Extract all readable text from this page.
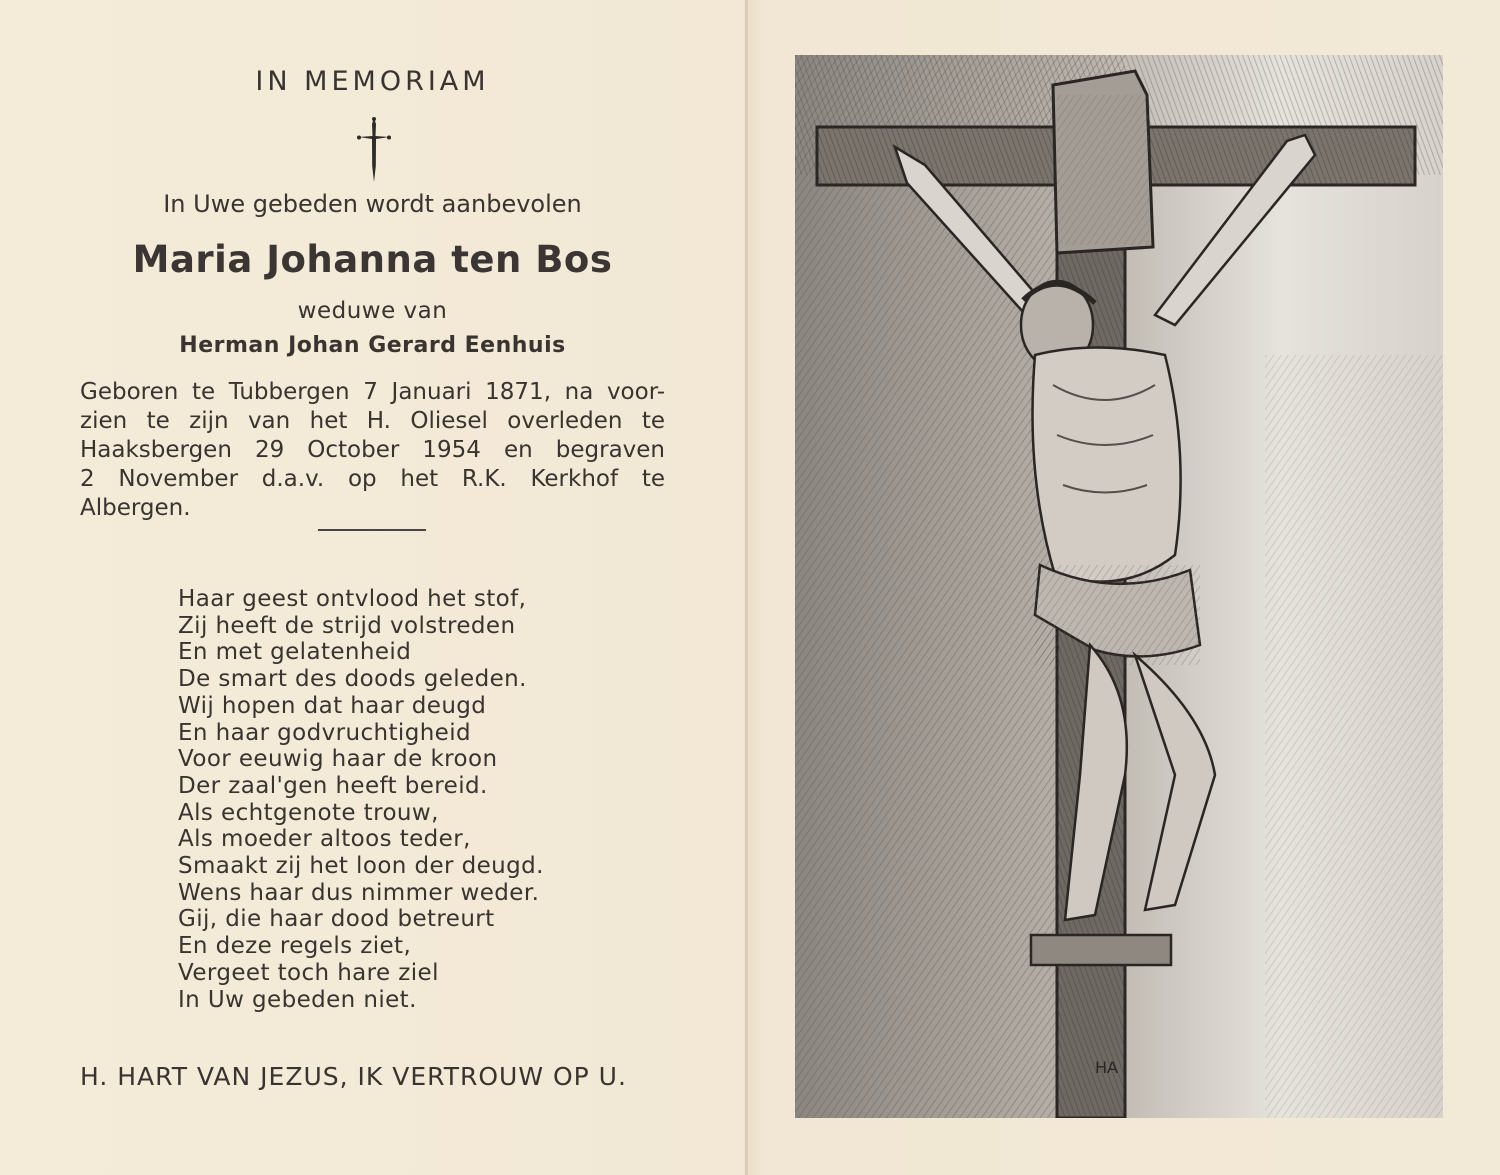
IN MEMORIAM
In Uwe gebeden wordt aanbevolen
Maria Johanna ten Bos
weduwe van
Herman Johan Gerard Eenhuis
Geboren te Tubbergen 7 Januari 1871, na voor-
zien te zijn van het H. Oliesel overleden te
Haaksbergen 29 October 1954 en begraven
2 November d.a.v. op het R.K. Kerkhof te
Albergen.
Haar geest ontvlood het stof,
Zij heeft de strijd volstreden
En met gelatenheid
De smart des doods geleden.
Wij hopen dat haar deugd
En haar godvruchtigheid
Voor eeuwig haar de kroon
Der zaal'gen heeft bereid.
Als echtgenote trouw,
Als moeder altoos teder,
Smaakt zij het loon der deugd.
Wens haar dus nimmer weder.
Gij, die haar dood betreurt
En deze regels ziet,
Vergeet toch hare ziel
In Uw gebeden niet.
H. HART VAN JEZUS, IK VERTROUW OP U.	HA
